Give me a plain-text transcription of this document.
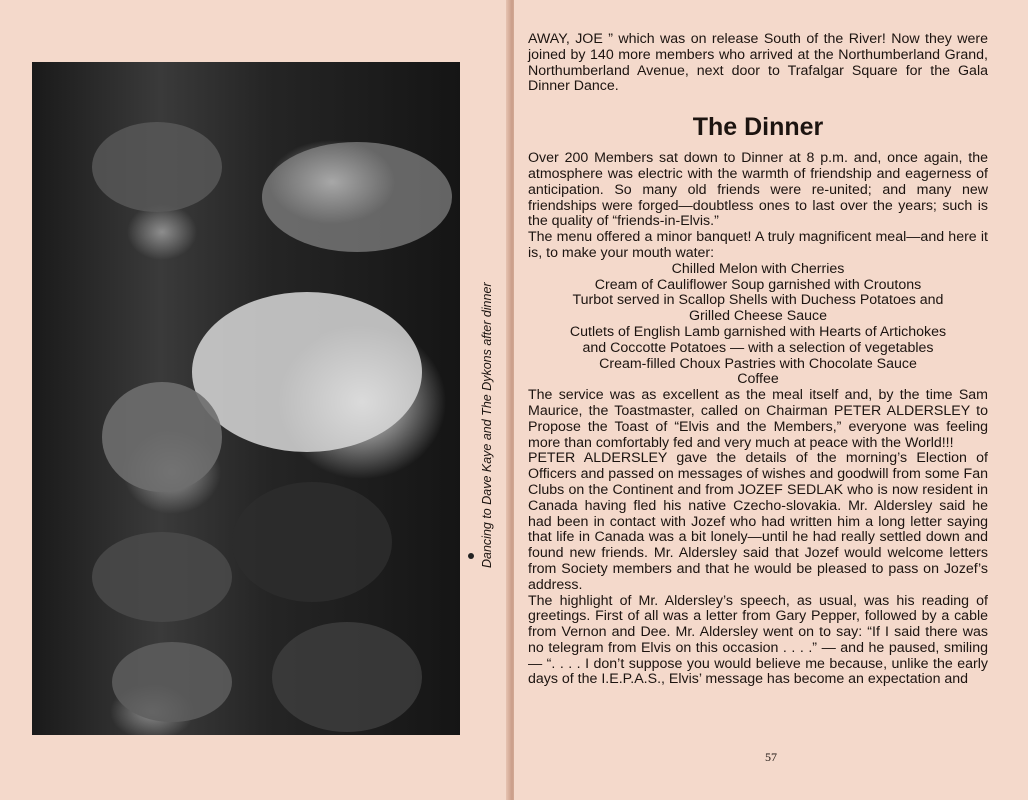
Dancing to Dave Kaye and The Dykons after dinner
57

AWAY, JOE ” which was on release South of the River! Now they were joined by 140 more members who arrived at the Northumberland Grand, Northumberland Avenue, next door to Trafalgar Square for the Gala Dinner Dance.

The Dinner

Over 200 Members sat down to Dinner at 8 p.m. and, once again, the atmosphere was electric with the warmth of friendship and eagerness of anticipation. So many old friends were re-united; and many new friendships were forged—doubtless ones to last over the years; such is the quality of “friends-in-Elvis.”

The menu offered a minor banquet! A truly magnificent meal—and here it is, to make your mouth water:

Chilled Melon with Cherries
Cream of Cauliflower Soup garnished with Croutons
Turbot served in Scallop Shells with Duchess Potatoes and
Grilled Cheese Sauce
Cutlets of English Lamb garnished with Hearts of Artichokes
and Coccotte Potatoes — with a selection of vegetables
Cream-filled Choux Pastries with Chocolate Sauce
Coffee

The service was as excellent as the meal itself and, by the time Sam Maurice, the Toastmaster, called on Chairman PETER ALDERSLEY to Propose the Toast of “Elvis and the Members,” everyone was feeling more than comfortably fed and very much at peace with the World!!!

PETER ALDERSLEY gave the details of the morning’s Election of Officers and passed on messages of wishes and goodwill from some Fan Clubs on the Continent and from JOZEF SEDLAK who is now resident in Canada having fled his native Czecho-slovakia. Mr. Aldersley said he had been in contact with Jozef who had written him a long letter saying that life in Canada was a bit lonely—until he had really settled down and found new friends. Mr. Aldersley said that Jozef would welcome letters from Society members and that he would be pleased to pass on Jozef’s address.

The highlight of Mr. Aldersley’s speech, as usual, was his reading of greetings. First of all was a letter from Gary Pepper, followed by a cable from Vernon and Dee. Mr. Aldersley went on to say: “If I said there was no telegram from Elvis on this occasion . . . .” — and he paused, smiling — “. . . . I don’t suppose you would believe me because, unlike the early days of the I.E.P.A.S., Elvis’ message has become an expectation and
